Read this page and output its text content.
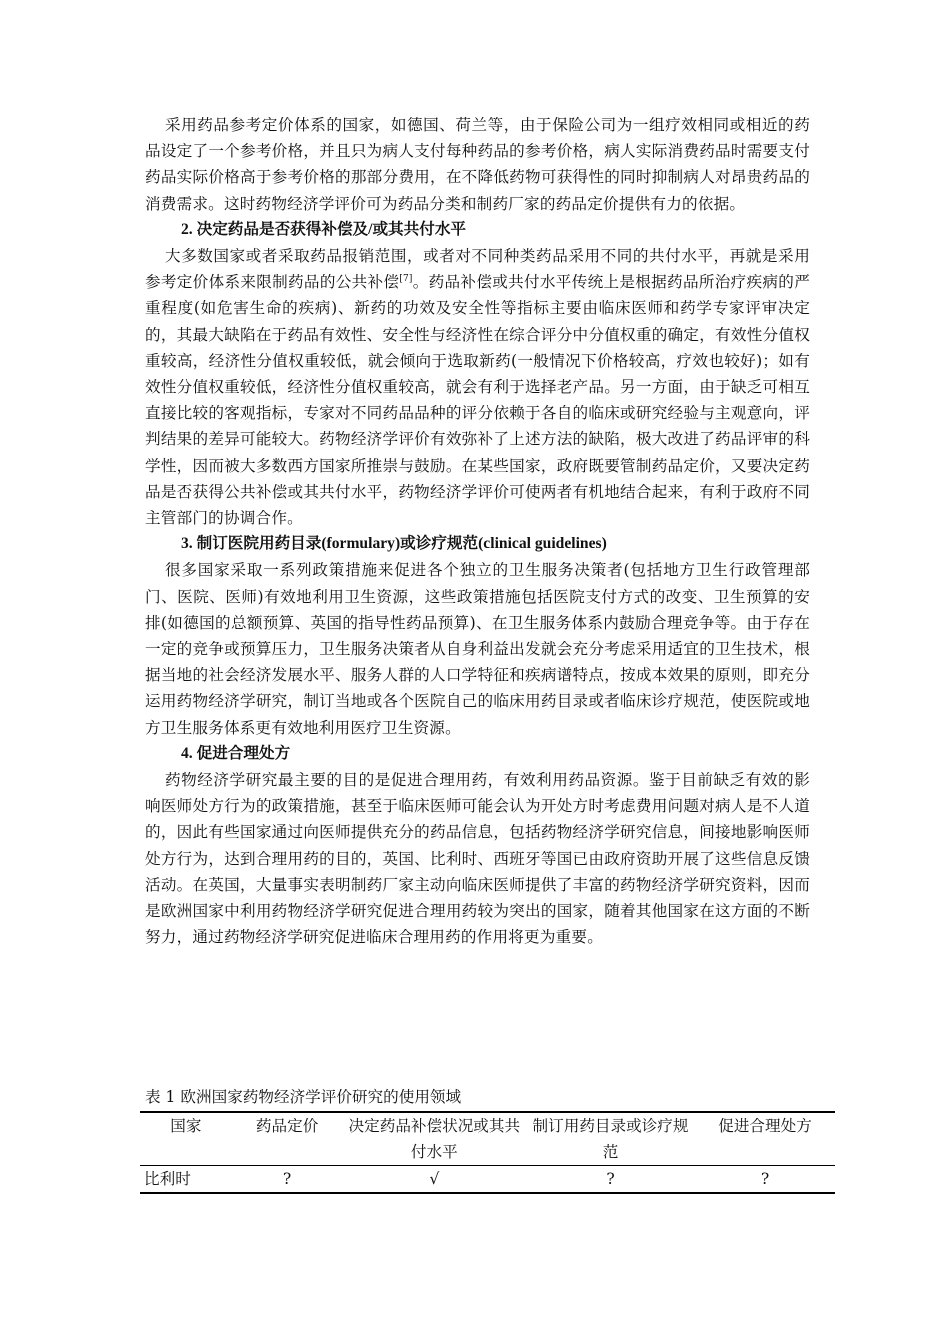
采用药品参考定价体系的国家，如德国、荷兰等，由于保险公司为一组疗效相同或相近的药品设定了一个参考价格，并且只为病人支付每种药品的参考价格，病人实际消费药品时需要支付药品实际价格高于参考价格的那部分费用，在不降低药物可获得性的同时抑制病人对昂贵药品的消费需求。这时药物经济学评价可为药品分类和制药厂家的药品定价提供有力的依据。

2. 决定药品是否获得补偿及/或其共付水平

大多数国家或者采取药品报销范围，或者对不同种类药品采用不同的共付水平，再就是采用参考定价体系来限制药品的公共补偿[7]。药品补偿或共付水平传统上是根据药品所治疗疾病的严重程度(如危害生命的疾病)、新药的功效及安全性等指标主要由临床医师和药学专家评审决定的，其最大缺陷在于药品有效性、安全性与经济性在综合评分中分值权重的确定，有效性分值权重较高，经济性分值权重较低，就会倾向于选取新药(一般情况下价格较高，疗效也较好)；如有效性分值权重较低，经济性分值权重较高，就会有利于选择老产品。另一方面，由于缺乏可相互直接比较的客观指标，专家对不同药品品种的评分依赖于各自的临床或研究经验与主观意向，评判结果的差异可能较大。药物经济学评价有效弥补了上述方法的缺陷，极大改进了药品评审的科学性，因而被大多数西方国家所推崇与鼓励。在某些国家，政府既要管制药品定价，又要决定药品是否获得公共补偿或其共付水平，药物经济学评价可使两者有机地结合起来，有利于政府不同主管部门的协调合作。

3. 制订医院用药目录(formulary)或诊疗规范(clinical guidelines)

很多国家采取一系列政策措施来促进各个独立的卫生服务决策者(包括地方卫生行政管理部门、医院、医师)有效地利用卫生资源，这些政策措施包括医院支付方式的改变、卫生预算的安排(如德国的总额预算、英国的指导性药品预算)、在卫生服务体系内鼓励合理竞争等。由于存在一定的竞争或预算压力，卫生服务决策者从自身利益出发就会充分考虑采用适宜的卫生技术，根据当地的社会经济发展水平、服务人群的人口学特征和疾病谱特点，按成本效果的原则，即充分运用药物经济学研究，制订当地或各个医院自己的临床用药目录或者临床诊疗规范，使医院或地方卫生服务体系更有效地利用医疗卫生资源。

4. 促进合理处方

药物经济学研究最主要的目的是促进合理用药，有效利用药品资源。鉴于目前缺乏有效的影响医师处方行为的政策措施，甚至于临床医师可能会认为开处方时考虑费用问题对病人是不人道的，因此有些国家通过向医师提供充分的药品信息，包括药物经济学研究信息，间接地影响医师处方行为，达到合理用药的目的，英国、比利时、西班牙等国已由政府资助开展了这些信息反馈活动。在英国，大量事实表明制药厂家主动向临床医师提供了丰富的药物经济学研究资料，因而是欧洲国家中利用药物经济学研究促进合理用药较为突出的国家，随着其他国家在这方面的不断努力，通过药物经济学研究促进临床合理用药的作用将更为重要。

表 1 欧洲国家药物经济学评价研究的使用领域
国家	药品定价	决定药品补偿状况或其共付水平	制订用药目录或诊疗规范	促进合理处方
比利时	?	√	?	?
